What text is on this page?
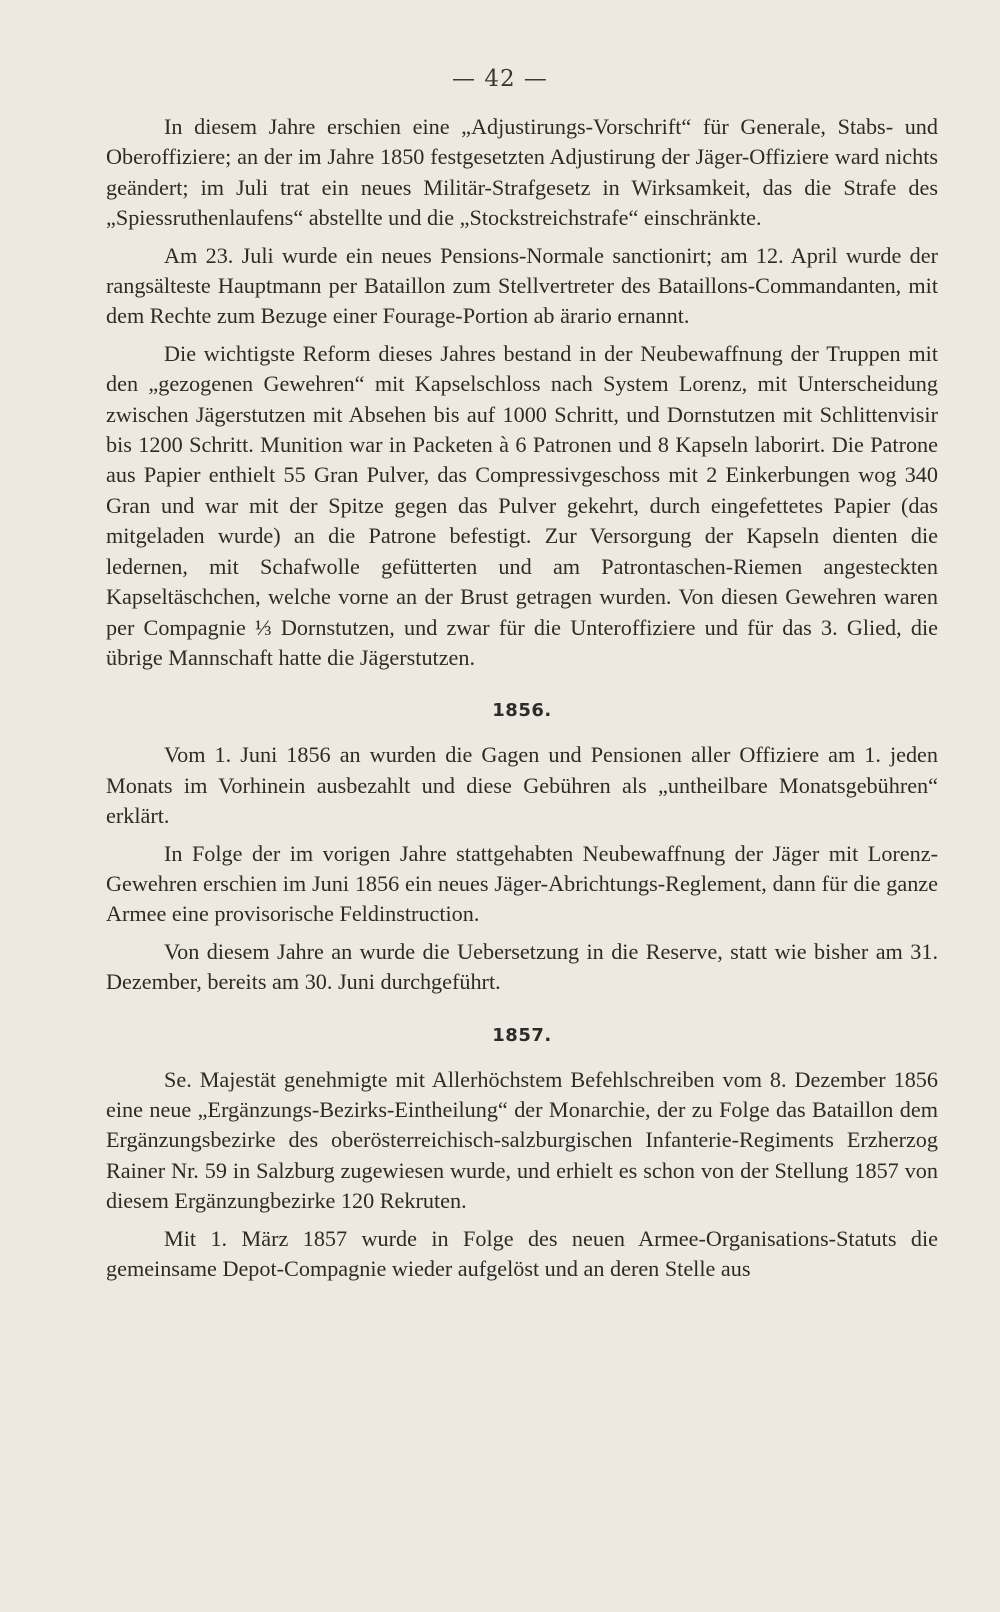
— 42 —

In diesem Jahre erschien eine „Adjustirungs-Vorschrift“ für Generale, Stabs- und Oberoffiziere; an der im Jahre 1850 festgesetzten Adjustirung der Jäger-Offiziere ward nichts geändert; im Juli trat ein neues Militär-Strafgesetz in Wirksamkeit, das die Strafe des „Spiessruthenlaufens“ abstellte und die „Stockstreichstrafe“ einschränkte.

Am 23. Juli wurde ein neues Pensions-Normale sanctionirt; am 12. April wurde der rangsälteste Hauptmann per Bataillon zum Stellvertreter des Bataillons-Commandanten, mit dem Rechte zum Bezuge einer Fourage-Portion ab ärario ernannt.

Die wichtigste Reform dieses Jahres bestand in der Neubewaffnung der Truppen mit den „gezogenen Gewehren“ mit Kapselschloss nach System Lorenz, mit Unterscheidung zwischen Jägerstutzen mit Absehen bis auf 1000 Schritt, und Dornstutzen mit Schlittenvisir bis 1200 Schritt. Munition war in Packeten à 6 Patronen und 8 Kapseln laborirt. Die Patrone aus Papier enthielt 55 Gran Pulver, das Compressivgeschoss mit 2 Einkerbungen wog 340 Gran und war mit der Spitze gegen das Pulver gekehrt, durch eingefettetes Papier (das mitgeladen wurde) an die Patrone befestigt. Zur Versorgung der Kapseln dienten die ledernen, mit Schafwolle gefütterten und am Patrontaschen-Riemen angesteckten Kapseltäschchen, welche vorne an der Brust getragen wurden. Von diesen Gewehren waren per Compagnie ⅓ Dornstutzen, und zwar für die Unteroffiziere und für das 3. Glied, die übrige Mannschaft hatte die Jägerstutzen.

1856.

Vom 1. Juni 1856 an wurden die Gagen und Pensionen aller Offiziere am 1. jeden Monats im Vorhinein ausbezahlt und diese Gebühren als „untheilbare Monatsgebühren“ erklärt.

In Folge der im vorigen Jahre stattgehabten Neubewaffnung der Jäger mit Lorenz-Gewehren erschien im Juni 1856 ein neues Jäger-Abrichtungs-Reglement, dann für die ganze Armee eine provisorische Feldinstruction.

Von diesem Jahre an wurde die Uebersetzung in die Reserve, statt wie bisher am 31. Dezember, bereits am 30. Juni durchgeführt.

1857.

Se. Majestät genehmigte mit Allerhöchstem Befehlschreiben vom 8. Dezember 1856 eine neue „Ergänzungs-Bezirks-Eintheilung“ der Monarchie, der zu Folge das Bataillon dem Ergänzungsbezirke des oberösterreichisch-salzburgischen Infanterie-Regiments Erzherzog Rainer Nr. 59 in Salzburg zugewiesen wurde, und erhielt es schon von der Stellung 1857 von diesem Ergänzungbezirke 120 Rekruten.

Mit 1. März 1857 wurde in Folge des neuen Armee-Organisations-Statuts die gemeinsame Depot-Compagnie wieder aufgelöst und an deren Stelle aus
